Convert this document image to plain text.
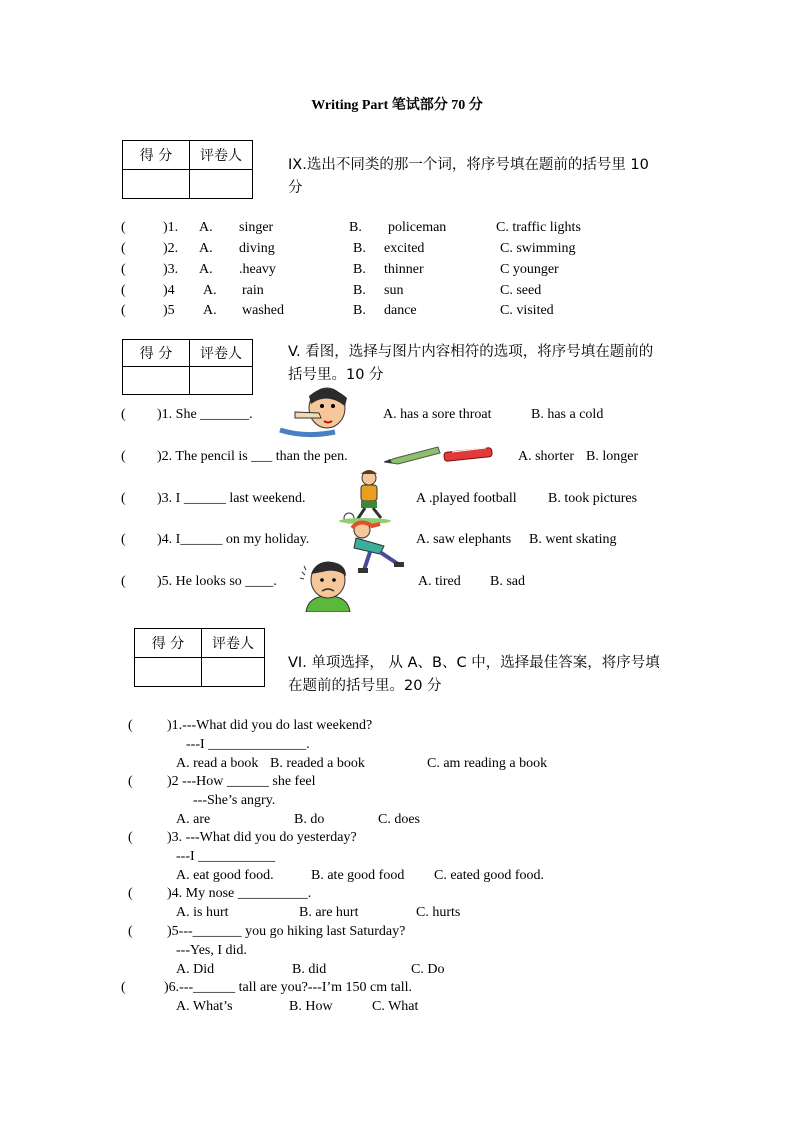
Writing Part 笔试部分 70 分
得 分	评卷人

IX.选出不同类的那一个词，将序号填在题前的括号里 10 分
(	)1. A. singer	B. policeman	C. traffic lights
(	)2. A. diving	B. excited	C. swimming
(	)3. A. .heavy	B. thinner	C younger
(	)4 A. rain	B. sun	C. seed
(	)5 A. washed	B. dance	C. visited
得 分	评卷人
		V. 看图，选择与图片内容相符的选项，将序号填在题前的括号里。10 分
( )1. She _______.	A. has a sore throat	B. has a cold
( )2. The pencil is ___ than the pen.	A. shorter B. longer
( )3. I ______ last weekend.	A .played football B. took pictures
( )4. I______ on my holiday.	A. saw elephants B. went skating
( )5. He looks so ____.	A. tired B. sad
得 分	评卷人

VI. 单项选择， 从 A、B、C 中，选择最佳答案，将序号填在题前的括号里。20 分
( )1.---What did you do last weekend?
---I ______________.
A. read a book B. readed a book	C. am reading a book
( )2 ---How ______ she feel
---She’s angry.
A. are	B. do	C. does
( )3. ---What did you do yesterday?
---I ___________
A. eat good food.	B. ate good food C. eated good food.
( )4. My nose __________.
A. is hurt	B. are hurt	C. hurts
( )5---_______ you go hiking last Saturday?
---Yes, I did.
A. Did	B. did	C. Do
(	)6.---______ tall are you?---I’m 150 cm tall.
A. What’s	B. How	C. What
